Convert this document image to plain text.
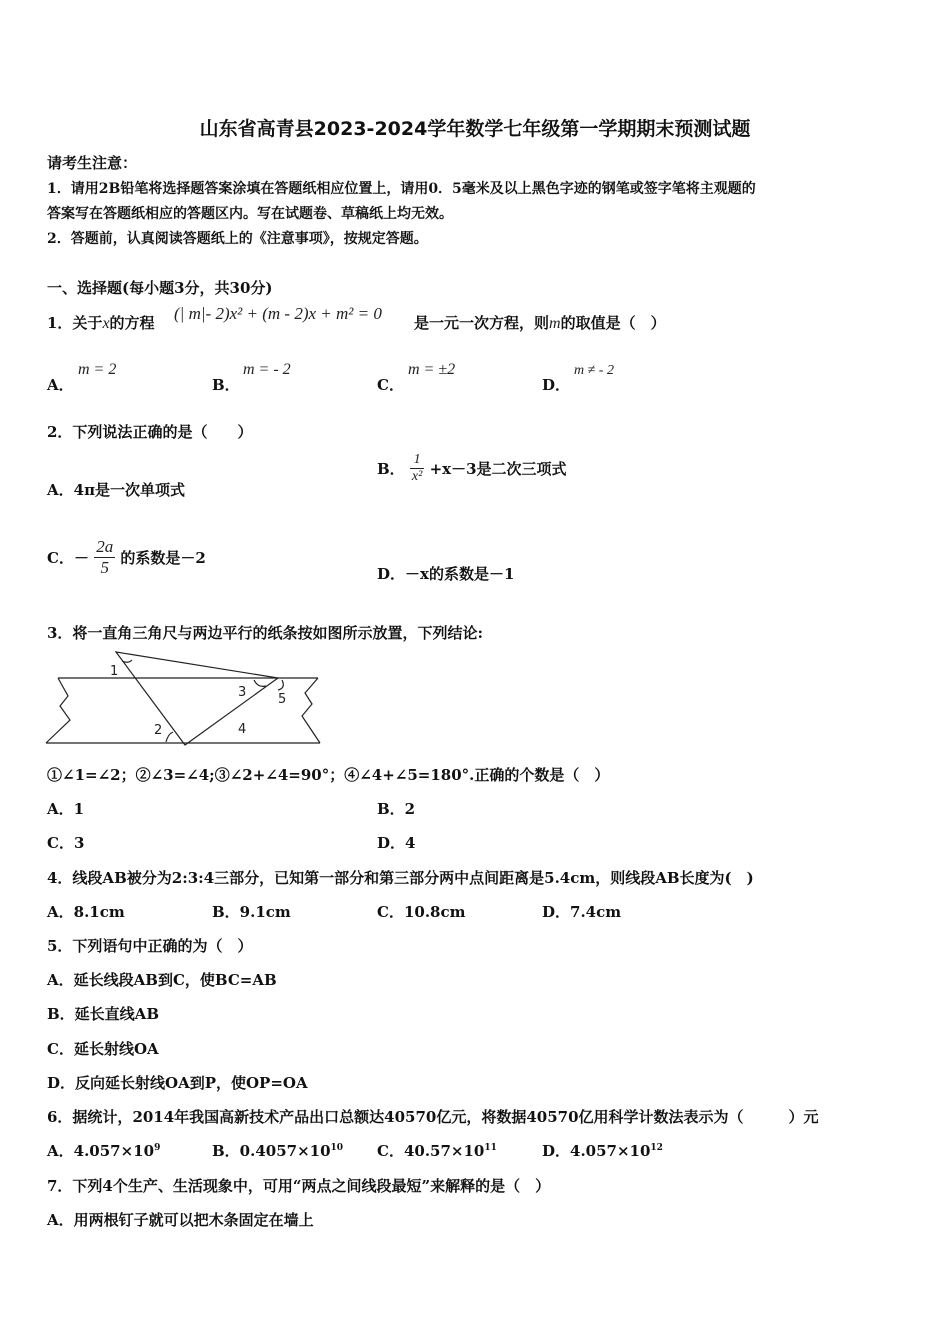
山东省高青县2023-2024学年数学七年级第一学期期末预测试题
请考生注意：
1．请用2B铅笔将选择题答案涂填在答题纸相应位置上，请用0．5毫米及以上黑色字迹的钢笔或签字笔将主观题的
答案写在答题纸相应的答题区内。写在试题卷、草稿纸上均无效。
2．答题前，认真阅读答题纸上的《注意事项》，按规定答题。
一、选择题(每小题3分，共30分)
1．关于x的方程 (| m|- 2)x² + (m - 2)x + m² = 0 是一元一次方程，则m的取值是（　）
A．
m = 2
B．
m = - 2
C．
m = ±2
D．
m ≠ - 2
2．下列说法正确的是（　　）
A．4π是一次单项式
B． $\frac{1}{\text{x²}} +x-3$是二次三项式
C．－ $\frac{2a}{5}$ 的系数是－2
D．－x的系数是－1
3．将一直角三角尺与两边平行的纸条按如图所示放置，下列结论:
1
2
3
4
5
①∠1=∠2；②∠3=∠4;③∠2+∠4=90°；④∠4+∠5=180°.正确的个数是（　）
A．1	B．2
C．3	D．4
4．线段AB被分为2:3:4三部分，已知第一部分和第三部分两中点间距离是5.4cm，则线段AB长度为(　)
A．8.1cm	B．9.1cm	C．10.8cm	D．7.4cm
5．下列语句中正确的为（　）
A．延长线段AB到C，使BC=AB
B．延长直线AB
C．延长射线OA
D．反向延长射线OA到P，使OP=OA
6．据统计，2014年我国高新技术产品出口总额达40570亿元，将数据40570亿用科学计数法表示为（　　　）元
A．$4.057\times 10^9$	B．$0.4057\times 10^{10}$ C．$40.57\times 10^{11}$	D．$4.057\times 10^{12}$
7．下列4个生产、生活现象中，可用“两点之间线段最短”来解释的是（　）
A．用两根钉子就可以把木条固定在墙上
